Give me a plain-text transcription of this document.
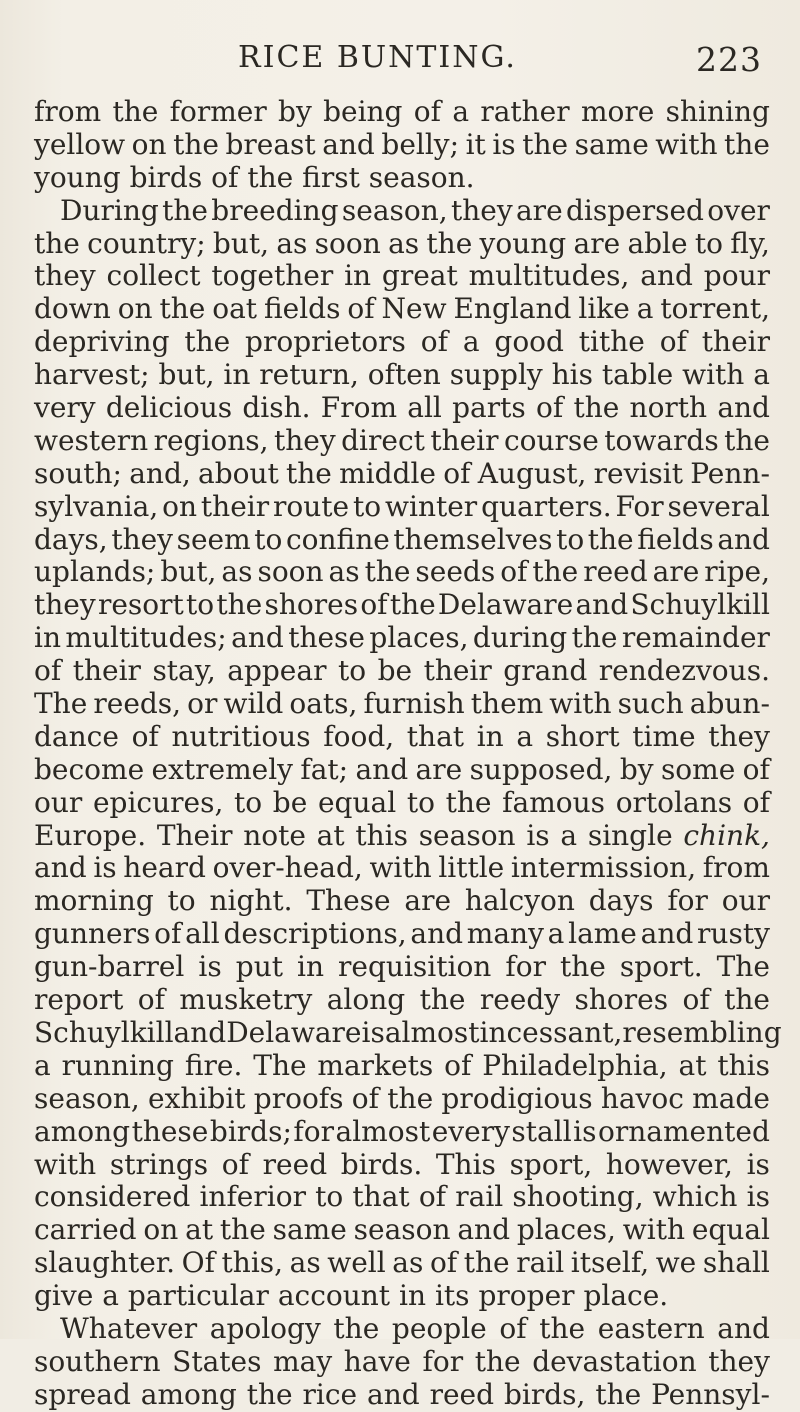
RICE BUNTING.	223
from the former by being of a rather more shining
yellow on the breast and belly; it is the same with the
young birds of the first season.
During the breeding season, they are dispersed over
the country; but, as soon as the young are able to fly,
they collect together in great multitudes, and pour
down on the oat fields of New England like a torrent,
depriving the proprietors of a good tithe of their
harvest; but, in return, often supply his table with a
very delicious dish. From all parts of the north and
western regions, they direct their course towards the
south; and, about the middle of August, revisit Penn-
sylvania, on their route to winter quarters. For several
days, they seem to confine themselves to the fields and
uplands; but, as soon as the seeds of the reed are ripe,
they resort to the shores of the Delaware and Schuylkill
in multitudes; and these places, during the remainder
of their stay, appear to be their grand rendezvous.
The reeds, or wild oats, furnish them with such abun-
dance of nutritious food, that in a short time they
become extremely fat; and are supposed, by some of
our epicures, to be equal to the famous ortolans of
Europe. Their note at this season is a single chink,
and is heard over-head, with little intermission, from
morning to night. These are halcyon days for our
gunners of all descriptions, and many a lame and rusty
gun-barrel is put in requisition for the sport. The
report of musketry along the reedy shores of the
Schuylkill and Delaware is almost incessant, resembling
a running fire. The markets of Philadelphia, at this
season, exhibit proofs of the prodigious havoc made
among these birds; for almost every stall is ornamented
with strings of reed birds. This sport, however, is
considered inferior to that of rail shooting, which is
carried on at the same season and places, with equal
slaughter. Of this, as well as of the rail itself, we shall
give a particular account in its proper place.
Whatever apology the people of the eastern and
southern States may have for the devastation they
spread among the rice and reed birds, the Pennsyl-
